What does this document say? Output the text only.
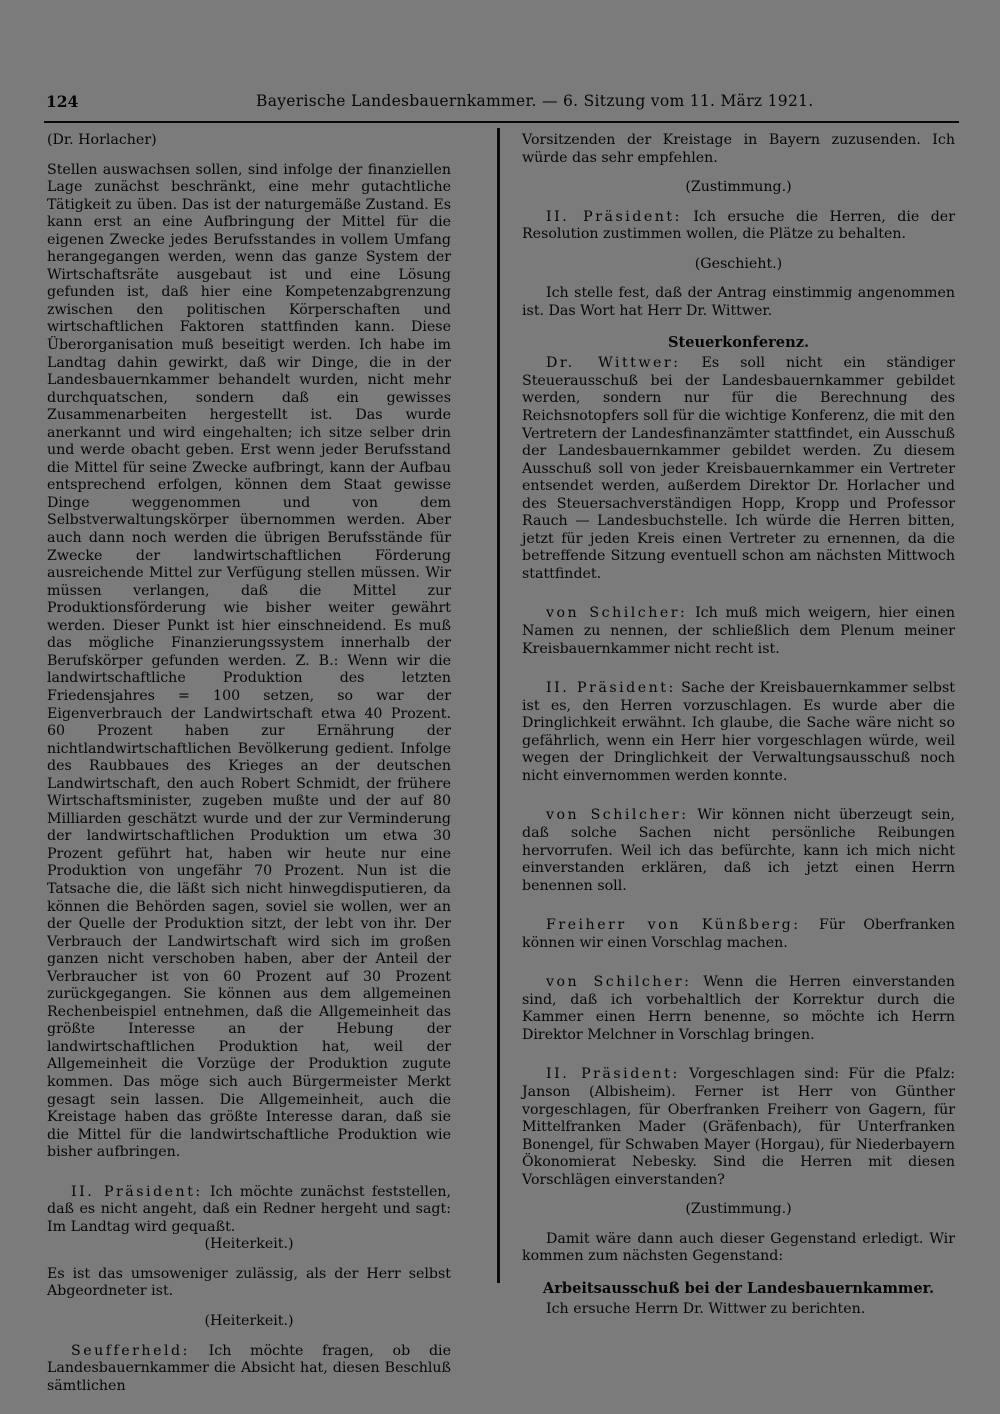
124	Bayerische Landesbauernkammer. — 6. Sitzung vom 11. März 1921.

(Dr. Horlacher)

Stellen auswachsen sollen, sind infolge der finanziellen Lage zunächst beschränkt, eine mehr gutachtliche Tätigkeit zu üben. Das ist der naturgemäße Zustand. Es kann erst an eine Aufbringung der Mittel für die eigenen Zwecke jedes Berufsstandes in vollem Umfang herangegangen werden, wenn das ganze System der Wirtschaftsräte ausgebaut ist und eine Lösung gefunden ist, daß hier eine Kompetenzabgrenzung zwischen den politischen Körperschaften und wirtschaftlichen Faktoren stattfinden kann. Diese Überorganisation muß beseitigt werden. Ich habe im Landtag dahin gewirkt, daß wir Dinge, die in der Landesbauernkammer behandelt wurden, nicht mehr durchquatschen, sondern daß ein gewisses Zusammenarbeiten hergestellt ist. Das wurde anerkannt und wird eingehalten; ich sitze selber drin und werde obacht geben. Erst wenn jeder Berufsstand die Mittel für seine Zwecke aufbringt, kann der Aufbau entsprechend erfolgen, können dem Staat gewisse Dinge weggenommen und von dem Selbstverwaltungskörper übernommen werden. Aber auch dann noch werden die übrigen Berufsstände für Zwecke der landwirtschaftlichen Förderung ausreichende Mittel zur Verfügung stellen müssen. Wir müssen verlangen, daß die Mittel zur Produktionsförderung wie bisher weiter gewährt werden. Dieser Punkt ist hier einschneidend. Es muß das mögliche Finanzierungssystem innerhalb der Berufskörper gefunden werden. Z. B.: Wenn wir die landwirtschaftliche Produktion des letzten Friedensjahres = 100 setzen, so war der Eigenverbrauch der Landwirtschaft etwa 40 Prozent. 60 Prozent haben zur Ernährung der nichtlandwirtschaftlichen Bevölkerung gedient. Infolge des Raubbaues des Krieges an der deutschen Landwirtschaft, den auch Robert Schmidt, der frühere Wirtschaftsminister, zugeben mußte und der auf 80 Milliarden geschätzt wurde und der zur Verminderung der landwirtschaftlichen Produktion um etwa 30 Prozent geführt hat, haben wir heute nur eine Produktion von ungefähr 70 Prozent. Nun ist die Tatsache die, die läßt sich nicht hinwegdisputieren, da können die Behörden sagen, soviel sie wollen, wer an der Quelle der Produktion sitzt, der lebt von ihr. Der Verbrauch der Landwirtschaft wird sich im großen ganzen nicht verschoben haben, aber der Anteil der Verbraucher ist von 60 Prozent auf 30 Prozent zurückgegangen. Sie können aus dem allgemeinen Rechenbeispiel entnehmen, daß die Allgemeinheit das größte Interesse an der Hebung der landwirtschaftlichen Produktion hat, weil der Allgemeinheit die Vorzüge der Produktion zugute kommen. Das möge sich auch Bürgermeister Merkt gesagt sein lassen. Die Allgemeinheit, auch die Kreistage haben das größte Interesse daran, daß sie die Mittel für die landwirtschaftliche Produktion wie bisher aufbringen.

II. Präsident: Ich möchte zunächst feststellen, daß es nicht angeht, daß ein Redner hergeht und sagt: Im Landtag wird gequaßt.

(Heiterkeit.)

Es ist das umsoweniger zulässig, als der Herr selbst Abgeordneter ist.

(Heiterkeit.)

Seufferheld: Ich möchte fragen, ob die Landesbauernkammer die Absicht hat, diesen Beschluß sämtlichen

Vorsitzenden der Kreistage in Bayern zuzusenden. Ich würde das sehr empfehlen.

(Zustimmung.)

II. Präsident: Ich ersuche die Herren, die der Resolution zustimmen wollen, die Plätze zu behalten.

(Geschieht.)

Ich stelle fest, daß der Antrag einstimmig angenommen ist. Das Wort hat Herr Dr. Wittwer.

Steuerkonferenz.

Dr. Wittwer: Es soll nicht ein ständiger Steuerausschuß bei der Landesbauernkammer gebildet werden, sondern nur für die Berechnung des Reichsnotopfers soll für die wichtige Konferenz, die mit den Vertretern der Landesfinanzämter stattfindet, ein Ausschuß der Landesbauernkammer gebildet werden. Zu diesem Ausschuß soll von jeder Kreisbauernkammer ein Vertreter entsendet werden, außerdem Direktor Dr. Horlacher und des Steuersachverständigen Hopp, Kropp und Professor Rauch — Landesbuchstelle. Ich würde die Herren bitten, jetzt für jeden Kreis einen Vertreter zu ernennen, da die betreffende Sitzung eventuell schon am nächsten Mittwoch stattfindet.

von Schilcher: Ich muß mich weigern, hier einen Namen zu nennen, der schließlich dem Plenum meiner Kreisbauernkammer nicht recht ist.

II. Präsident: Sache der Kreisbauernkammer selbst ist es, den Herren vorzuschlagen. Es wurde aber die Dringlichkeit erwähnt. Ich glaube, die Sache wäre nicht so gefährlich, wenn ein Herr hier vorgeschlagen würde, weil wegen der Dringlichkeit der Verwaltungsausschuß noch nicht einvernommen werden konnte.

von Schilcher: Wir können nicht überzeugt sein, daß solche Sachen nicht persönliche Reibungen hervorrufen. Weil ich das befürchte, kann ich mich nicht einverstanden erklären, daß ich jetzt einen Herrn benennen soll.

Freiherr von Künßberg: Für Oberfranken können wir einen Vorschlag machen.

von Schilcher: Wenn die Herren einverstanden sind, daß ich vorbehaltlich der Korrektur durch die Kammer einen Herrn benenne, so möchte ich Herrn Direktor Melchner in Vorschlag bringen.

II. Präsident: Vorgeschlagen sind: Für die Pfalz: Janson (Albisheim). Ferner ist Herr von Günther vorgeschlagen, für Oberfranken Freiherr von Gagern, für Mittelfranken Mader (Gräfenbach), für Unterfranken Bonengel, für Schwaben Mayer (Horgau), für Niederbayern Ökonomierat Nebesky. Sind die Herren mit diesen Vorschlägen einverstanden?

(Zustimmung.)

Damit wäre dann auch dieser Gegenstand erledigt. Wir kommen zum nächsten Gegenstand:

Arbeitsausschuß bei der Landesbauernkammer.

Ich ersuche Herrn Dr. Wittwer zu berichten.
